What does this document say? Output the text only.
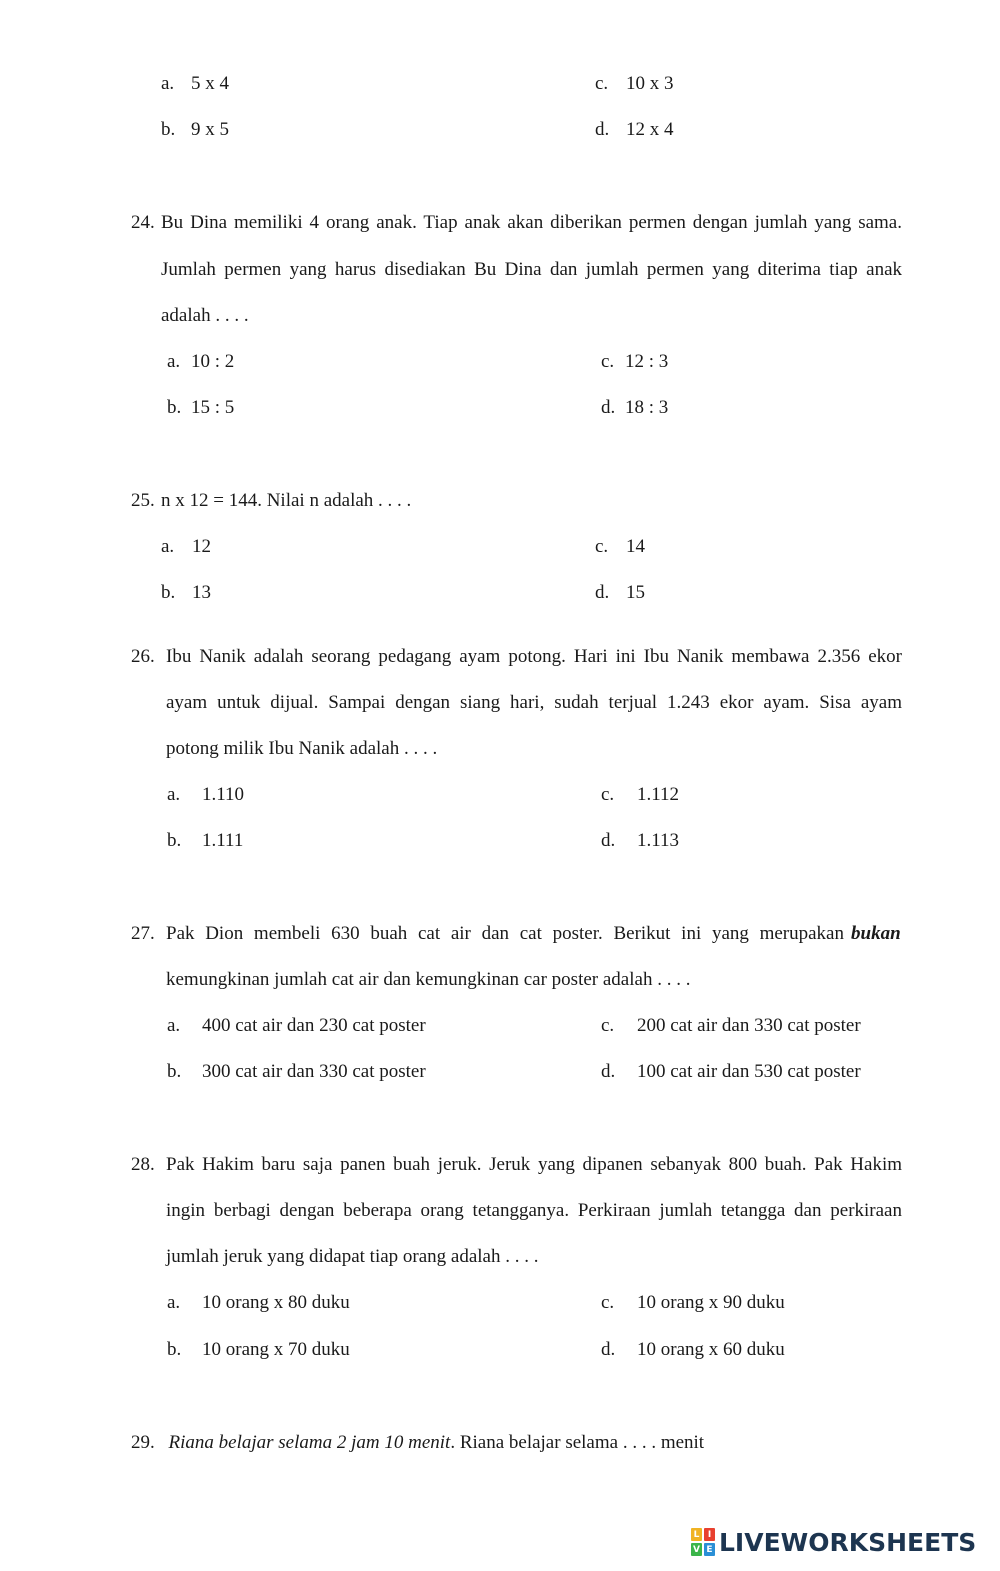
a. 5 x 4
b. 9 x 5
c. 10 x 3
d. 12 x 4
24. Bu Dina memiliki 4 orang anak. Tiap anak akan diberikan permen dengan jumlah yang sama.
Jumlah permen yang harus disediakan Bu Dina dan jumlah permen yang diterima tiap anak
adalah . . . .
a. 10 : 2
b. 15 : 5
c. 12 : 3
d. 18 : 3
25. n x 12 = 144. Nilai n adalah . . . .
a. 12
b. 13
c. 14
d. 15
26. Ibu Nanik adalah seorang pedagang ayam potong. Hari ini Ibu Nanik membawa 2.356 ekor
ayam untuk dijual. Sampai dengan siang hari, sudah terjual 1.243 ekor ayam. Sisa ayam
potong milik Ibu Nanik adalah . . . .
a. 1.110
b. 1.111
c. 1.112
d. 1.113
27. Pak Dion membeli 630 buah cat air dan cat poster. Berikut ini yang merupakan bukan
kemungkinan jumlah cat air dan kemungkinan car poster adalah . . . .
a. 400 cat air dan 230 cat poster
b. 300 cat air dan 330 cat poster
c. 200 cat air dan 330 cat poster
d. 100 cat air dan 530 cat poster
28. Pak Hakim baru saja panen buah jeruk. Jeruk yang dipanen sebanyak 800 buah. Pak Hakim
ingin berbagi dengan beberapa orang tetangganya. Perkiraan jumlah tetangga dan perkiraan
jumlah jeruk yang didapat tiap orang adalah . . . .
a. 10 orang x 80 duku
b. 10 orang x 70 duku
c. 10 orang x 90 duku
d. 10 orang x 60 duku
29. Riana belajar selama 2 jam 10 menit. Riana belajar selama . . . . menit
L I
V E LIVEWORKSHEETS
